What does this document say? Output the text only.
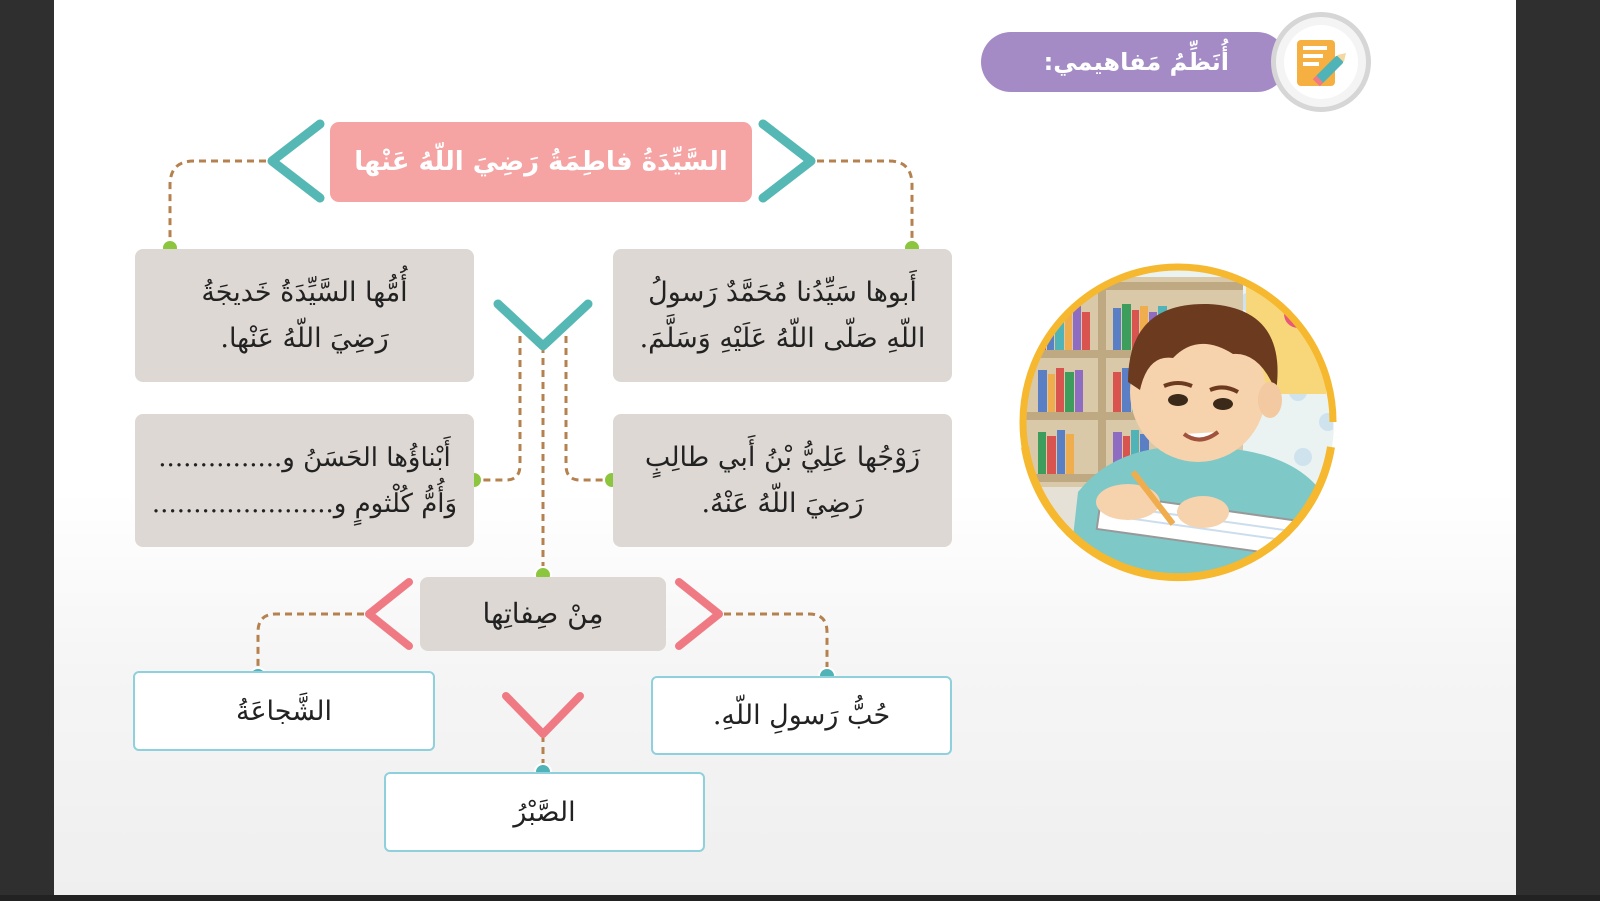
أُنَظِّمُ مَفاهيمي:
السَّيِّدَةُ فاطِمَةُ رَضِيَ اللّهُ عَنْها
أَبوها سَيِّدُنا مُحَمَّدٌ رَسولُ
اللّهِ صَلّى اللّهُ عَلَيْهِ وَسَلَّمَ.
أُمُّها السَّيِّدَةُ خَديجَةُ
رَضِيَ اللّهُ عَنْها.
زَوْجُها عَلِيُّ بْنُ أَبي طالِبٍ
رَضِيَ اللّهُ عَنْهُ.
أَبْناؤُها الحَسَنُ و...............
وَأُمُّ كُلْثومٍ و......................
مِنْ صِفاتِها
حُبُّ رَسولِ اللّهِ.
الشَّجاعَةُ
الصَّبْرُ
